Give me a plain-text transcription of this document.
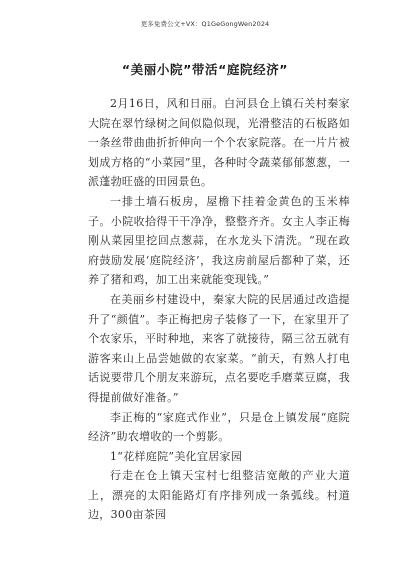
更多免费公文+VX：Q1GeGongWen2024
“美丽小院”带活“庭院经济”

2月16日，风和日丽。白河县仓上镇石关村秦家大院在翠竹绿树之间似隐似现，光滑整洁的石板路如一条丝带曲曲折折伸向一个个农家院落。在一片片被划成方格的“小菜园”里，各种时令蔬菜郁郁葱葱，一派蓬勃旺盛的田园景色。

一排土墙石板房，屋檐下挂着金黄色的玉米棒子。小院收拾得干干净净，整整齐齐。女主人李正梅刚从菜园里挖回点葱蒜，在水龙头下清洗。“现在政府鼓励发展‘庭院经济’，我这房前屋后都种了菜，还养了猪和鸡，加工出来就能变现钱。”

在美丽乡村建设中，秦家大院的民居通过改造提升了“颜值”。李正梅把房子装修了一下，在家里开了个农家乐，平时种地，来客了就接待，隔三岔五就有游客来山上品尝她做的农家菜。“前天，有熟人打电话说要带几个朋友来游玩，点名要吃手磨菜豆腐，我得提前做好准备。”

李正梅的“家庭式作业”，只是仓上镇发展“庭院经济”助农增收的一个剪影。

1“花样庭院”美化宜居家园

行走在仓上镇天宝村七组整洁宽敞的产业大道上，漂亮的太阳能路灯有序排列成一条弧线。村道边，300亩茶园
